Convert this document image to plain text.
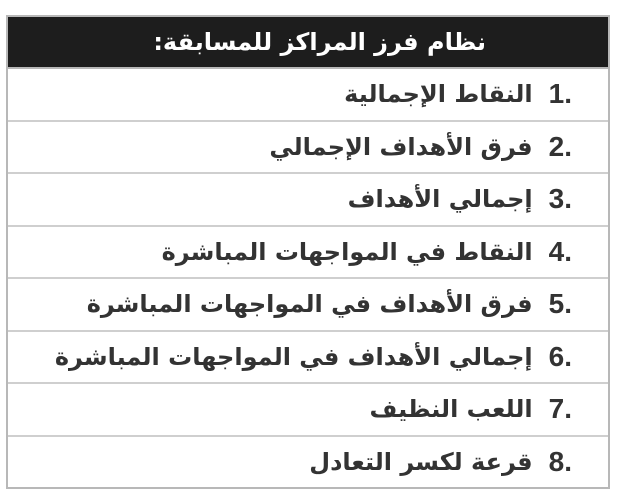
نظام فرز المراكز للمسابقة:
1.
النقاط الإجمالية
2.
فرق الأهداف الإجمالي
3.
إجمالي الأهداف
4.
النقاط في المواجهات المباشرة
5.
فرق الأهداف في المواجهات المباشرة
6.
إجمالي الأهداف في المواجهات المباشرة
7.
اللعب النظيف
8.
قرعة لكسر التعادل
